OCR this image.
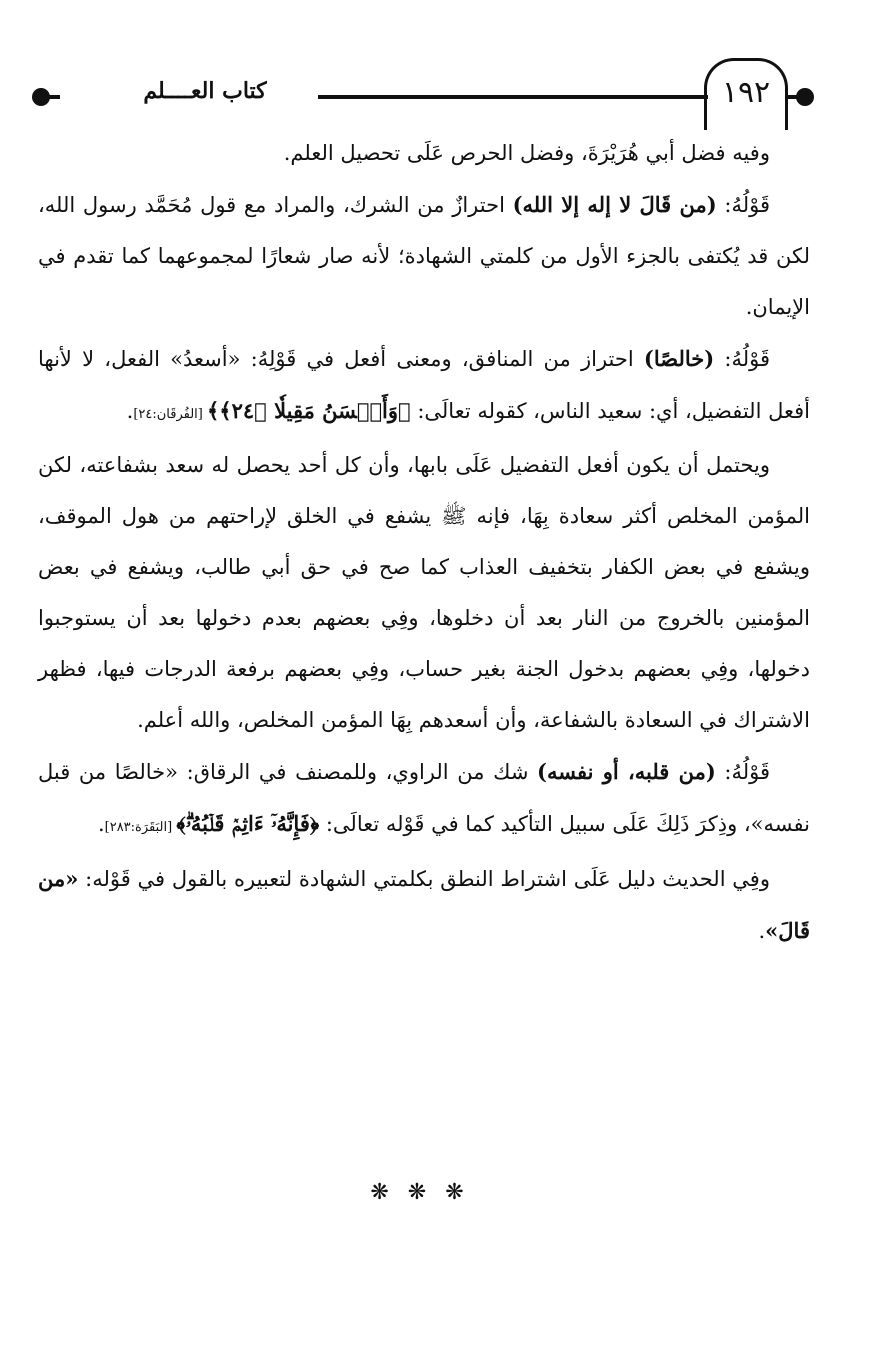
كتاب العــــلم	١٩٢

وفيه فضل أبي هُرَيْرَةَ، وفضل الحرص عَلَى تحصيل العلم.

قَوْلُهُ: (من قَالَ لا إله إلا الله) احترازٌ من الشرك، والمراد مع قول مُحَمَّد رسول الله، لكن قد يُكتفى بالجزء الأول من كلمتي الشهادة؛ لأنه صار شعارًا لمجموعهما كما تقدم في الإيمان.

قَوْلُهُ: (خالصًا) احتراز من المنافق، ومعنى أفعل في قَوْلِهُ: «أسعدُ» الفعل، لا لأنها أفعل التفضيل، أي: سعيد الناس، كقوله تعالَى: ﴿وَأَحۡسَنُ مَقِيلٗا ﴿٢٤﴾﴾ [الفُرقَان:٢٤].

ويحتمل أن يكون أفعل التفضيل عَلَى بابها، وأن كل أحد يحصل له سعد بشفاعته، لكن المؤمن المخلص أكثر سعادة بِهَا، فإنه ﷺ يشفع في الخلق لإراحتهم من هول الموقف، ويشفع في بعض الكفار بتخفيف العذاب كما صح في حق أبي طالب، ويشفع في بعض المؤمنين بالخروج من النار بعد أن دخلوها، وفِي بعضهم بعدم دخولها بعد أن يستوجبوا دخولها، وفِي بعضهم بدخول الجنة بغير حساب، وفِي بعضهم برفعة الدرجات فيها، فظهر الاشتراك في السعادة بالشفاعة، وأن أسعدهم بِهَا المؤمن المخلص، والله أعلم.

قَوْلُهُ: (من قلبه، أو نفسه) شك من الراوي، وللمصنف في الرقاق: «خالصًا من قبل نفسه»، وذِكرَ ذَلِكَ عَلَى سبيل التأكيد كما في قَوْله تعالَى: ﴿فَإِنَّهُۥٓ ءَاثِمٞ قَلۡبُهُۥۗ﴾ [البَقَرَة:٢٨٣].

وفِي الحديث دليل عَلَى اشتراط النطق بكلمتي الشهادة لتعبيره بالقول في قَوْله: «من قَالَ».

❋ ❋ ❋
